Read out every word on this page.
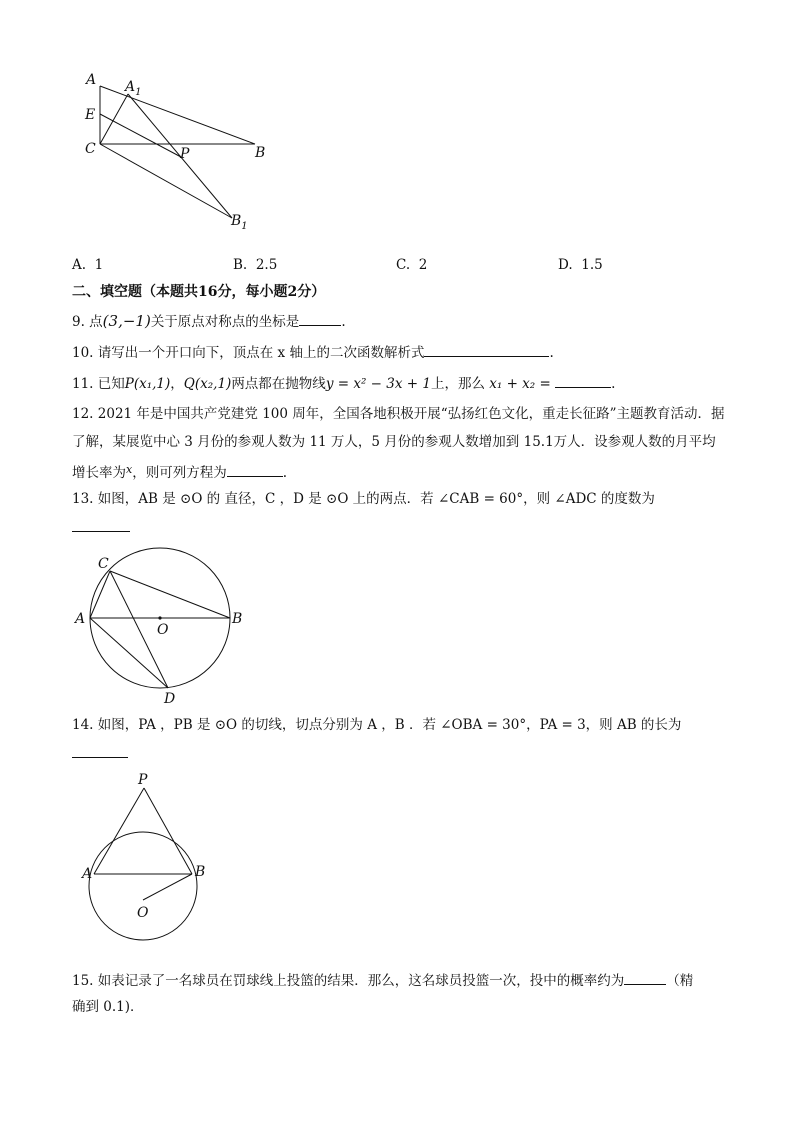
A $A_1$
E
C	P	B
$B_1$
A. 1	B. 2.5	C. 2	D. 1.5
二、填空题（本题共16分，每小题2分）
9. 点(3,−1)关于原点对称点的坐标是	.
10. 请写出一个开口向下，顶点在 x 轴上的二次函数解析式	.
11. 已知P(x₁,1)，Q(x₂,1)两点都在抛物线y = x² − 3x + 1上，那么 x₁ + x₂ =	.
12. 2021 年是中国共产党建党 100 周年，全国各地积极开展“弘扬红色文化，重走长征路”主题教育活动．据
了解，某展览中心 3 月份的参观人数为 11 万人，5 月份的参观人数增加到 15.1万人．设参观人数的月平均
增长率为$^x$，则可列方程为	.
13. 如图，AB 是 ⊙O 的 直径，C ，D 是 ⊙O 上的两点．若 ∠CAB = 60°，则 ∠ADC 的度数为
C
A
O
B
D
14. 如图，PA ，PB 是 ⊙O 的切线，切点分别为 A ，B ．若 ∠OBA = 30°，PA = 3，则 AB 的长为
P
A	B
O
15. 如表记录了一名球员在罚球线上投篮的结果．那么，这名球员投篮一次，投中的概率约为	（精
确到 0.1)．
